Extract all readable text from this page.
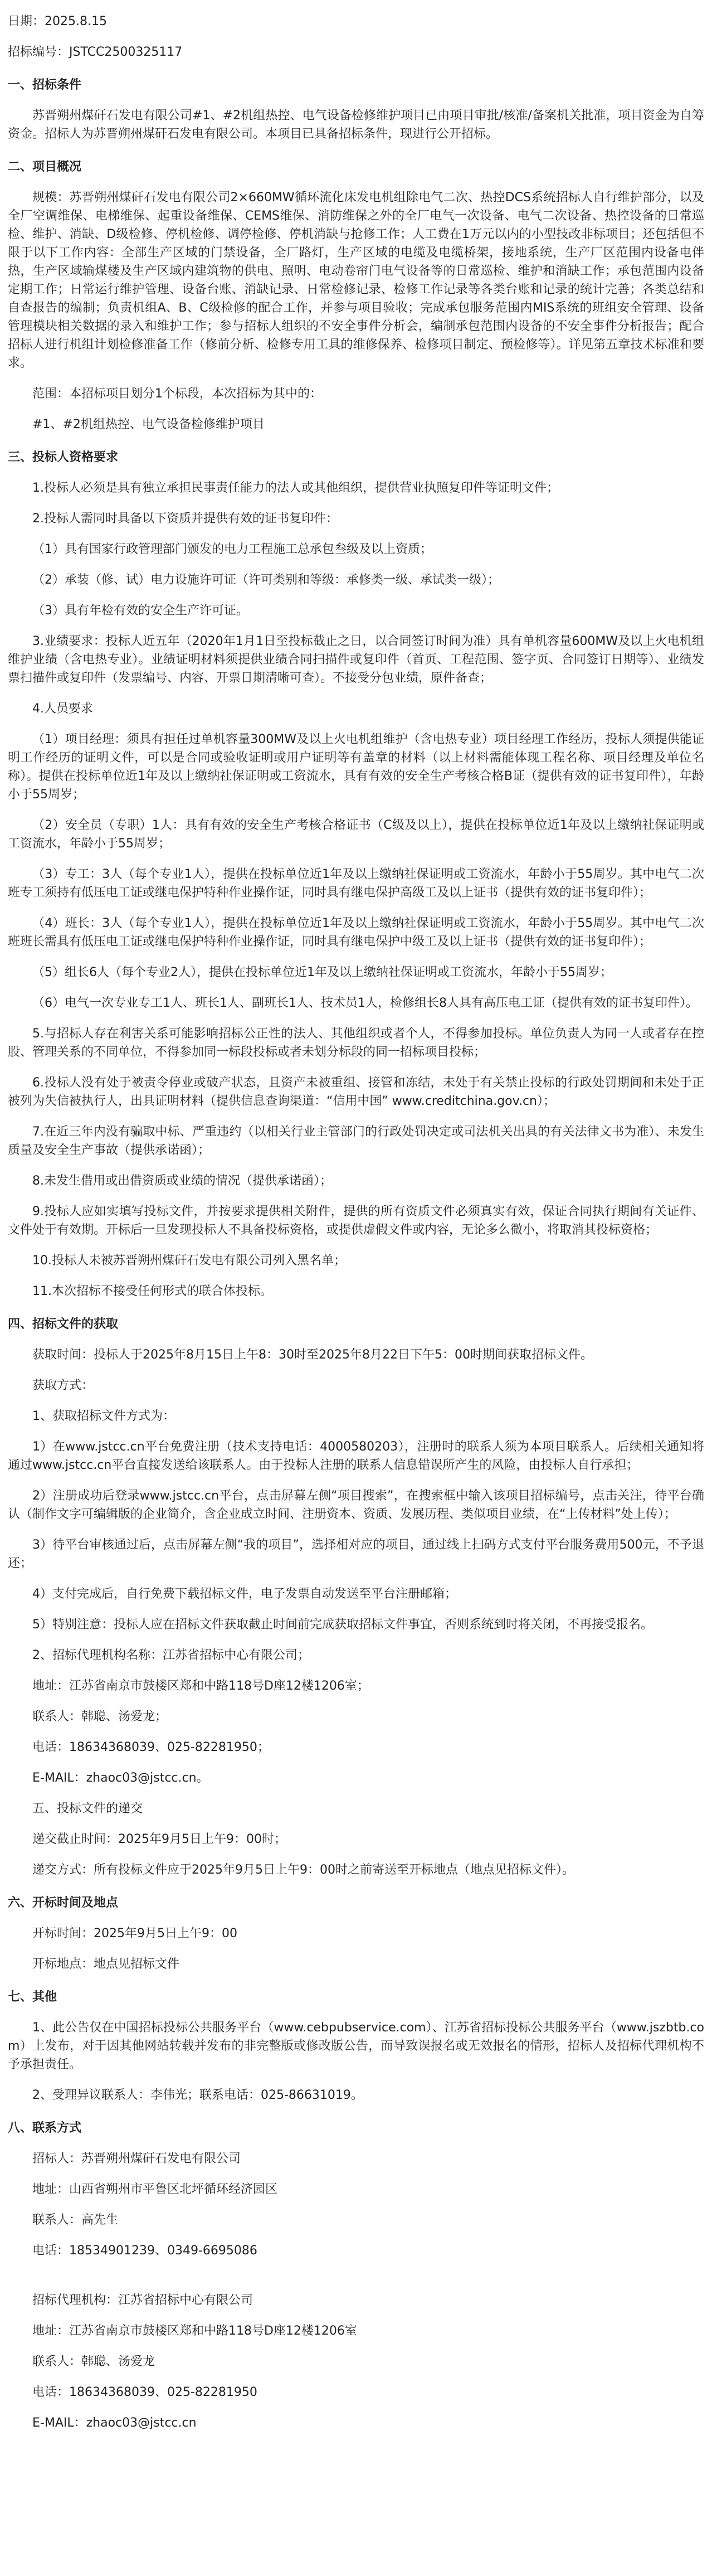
日期：2025.8.15
招标编号：JSTCC2500325117
一、招标条件
苏晋朔州煤矸石发电有限公司#1、#2机组热控、电气设备检修维护项目已由项目审批/核准/备案机关批准，项目资金为自筹资金。招标人为苏晋朔州煤矸石发电有限公司。本项目已具备招标条件，现进行公开招标。
二、项目概况
规模：苏晋朔州煤矸石发电有限公司2×660MW循环流化床发电机组除电气二次、热控DCS系统招标人自行维护部分，以及全厂空调维保、电梯维保、起重设备维保、CEMS维保、消防维保之外的全厂电气一次设备、电气二次设备、热控设备的日常巡检、维护、消缺、D级检修、停机检修、调停检修、停机消缺与抢修工作；人工费在1万元以内的小型技改非标项目；还包括但不限于以下工作内容：全部生产区域的门禁设备，全厂路灯，生产区域的电缆及电缆桥架，接地系统，生产厂区范围内设备电伴热，生产区域输煤楼及生产区域内建筑物的供电、照明、电动卷帘门电气设备等的日常巡检、维护和消缺工作；承包范围内设备定期工作；日常运行维护管理、设备台账、消缺记录、日常检修记录、检修工作记录等各类台账和记录的统计完善；各类总结和自查报告的编制；负责机组A、B、C级检修的配合工作，并参与项目验收；完成承包服务范围内MIS系统的班组安全管理、设备管理模块相关数据的录入和维护工作；参与招标人组织的不安全事件分析会，编制承包范围内设备的不安全事件分析报告；配合招标人进行机组计划检修准备工作（修前分析、检修专用工具的维修保养、检修项目制定、预检修等）。详见第五章技术标准和要求。
范围：本招标项目划分1个标段，本次招标为其中的：
#1、#2机组热控、电气设备检修维护项目
三、投标人资格要求
1.投标人必须是具有独立承担民事责任能力的法人或其他组织，提供营业执照复印件等证明文件；
2.投标人需同时具备以下资质并提供有效的证书复印件：
（1）具有国家行政管理部门颁发的电力工程施工总承包叁级及以上资质；
（2）承装（修、试）电力设施许可证（许可类别和等级：承修类一级、承试类一级）；
（3）具有年检有效的安全生产许可证。
3.业绩要求：投标人近五年（2020年1月1日至投标截止之日，以合同签订时间为准）具有单机容量600MW及以上火电机组维护业绩（含电热专业）。业绩证明材料须提供业绩合同扫描件或复印件（首页、工程范围、签字页、合同签订日期等）、业绩发票扫描件或复印件（发票编号、内容、开票日期清晰可查）。不接受分包业绩，原件备查；
4.人员要求
（1）项目经理：须具有担任过单机容量300MW及以上火电机组维护（含电热专业）项目经理工作经历，投标人须提供能证明工作经历的证明文件，可以是合同或验收证明或用户证明等有盖章的材料（以上材料需能体现工程名称、项目经理及单位名称）。提供在投标单位近1年及以上缴纳社保证明或工资流水，具有有效的安全生产考核合格B证（提供有效的证书复印件），年龄小于55周岁；
（2）安全员（专职）1人：具有有效的安全生产考核合格证书（C级及以上），提供在投标单位近1年及以上缴纳社保证明或工资流水，年龄小于55周岁；
（3）专工：3人（每个专业1人），提供在投标单位近1年及以上缴纳社保证明或工资流水，年龄小于55周岁。其中电气二次班专工须持有低压电工证或继电保护特种作业操作证，同时具有继电保护高级工及以上证书（提供有效的证书复印件）；
（4）班长：3人（每个专业1人），提供在投标单位近1年及以上缴纳社保证明或工资流水，年龄小于55周岁。其中电气二次班班长需具有低压电工证或继电保护特种作业操作证，同时具有继电保护中级工及以上证书（提供有效的证书复印件）；
（5）组长6人（每个专业2人），提供在投标单位近1年及以上缴纳社保证明或工资流水，年龄小于55周岁；
（6）电气一次专业专工1人、班长1人、副班长1人、技术员1人，检修组长8人具有高压电工证（提供有效的证书复印件）。
5.与招标人存在利害关系可能影响招标公正性的法人、其他组织或者个人，不得参加投标。单位负责人为同一人或者存在控股、管理关系的不同单位，不得参加同一标段投标或者未划分标段的同一招标项目投标；
6.投标人没有处于被责令停业或破产状态，且资产未被重组、接管和冻结，未处于有关禁止投标的行政处罚期间和未处于正被列为失信被执行人，出具证明材料（提供信息查询渠道：“信用中国” www.creditchina.gov.cn）；
7.在近三年内没有骗取中标、严重违约（以相关行业主管部门的行政处罚决定或司法机关出具的有关法律文书为准）、未发生质量及安全生产事故（提供承诺函）；
8.未发生借用或出借资质或业绩的情况（提供承诺函）；
9.投标人应如实填写投标文件，并按要求提供相关附件，提供的所有资质文件必须真实有效，保证合同执行期间有关证件、文件处于有效期。开标后一旦发现投标人不具备投标资格，或提供虚假文件或内容，无论多么微小，将取消其投标资格；
10.投标人未被苏晋朔州煤矸石发电有限公司列入黑名单；
11.本次招标不接受任何形式的联合体投标。
四、招标文件的获取
获取时间：投标人于2025年8月15日上午8：30时至2025年8月22日下午5：00时期间获取招标文件。
获取方式：
1、获取招标文件方式为：
1）在www.jstcc.cn平台免费注册（技术支持电话：4000580203），注册时的联系人须为本项目联系人。后续相关通知将通过www.jstcc.cn平台直接发送给该联系人。由于投标人注册的联系人信息错误所产生的风险，由投标人自行承担；
2）注册成功后登录www.jstcc.cn平台，点击屏幕左侧“项目搜索”，在搜索框中输入该项目招标编号，点击关注，待平台确认（制作文字可编辑版的企业简介，含企业成立时间、注册资本、资质、发展历程、类似项目业绩，在“上传材料”处上传）；
3）待平台审核通过后，点击屏幕左侧“我的项目”，选择相对应的项目，通过线上扫码方式支付平台服务费用500元，不予退还；
4）支付完成后，自行免费下载招标文件，电子发票自动发送至平台注册邮箱；
5）特别注意：投标人应在招标文件获取截止时间前完成获取招标文件事宜，否则系统到时将关闭，不再接受报名。
2、招标代理机构名称：江苏省招标中心有限公司；
地址：江苏省南京市鼓楼区郑和中路118号D座12楼1206室；
联系人：韩聪、汤爱龙；
电话：18634368039、025-82281950；
E-MAIL：zhaoc03@jstcc.cn。
五、投标文件的递交
递交截止时间：2025年9月5日上午9：00时；
递交方式：所有投标文件应于2025年9月5日上午9：00时之前寄送至开标地点（地点见招标文件）。
六、开标时间及地点
开标时间：2025年9月5日上午9：00
开标地点：地点见招标文件
七、其他
1、此公告仅在中国招标投标公共服务平台（www.cebpubservice.com）、江苏省招标投标公共服务平台（www.jszbtb.com）上发布，对于因其他网站转载并发布的非完整版或修改版公告，而导致误报名或无效报名的情形，招标人及招标代理机构不予承担责任。
2、受理异议联系人：李伟光；联系电话：025-86631019。
八、联系方式
招标人：苏晋朔州煤矸石发电有限公司
地址：山西省朔州市平鲁区北坪循环经济园区
联系人：高先生
电话：18534901239、0349-6695086
招标代理机构：江苏省招标中心有限公司
地址：江苏省南京市鼓楼区郑和中路118号D座12楼1206室
联系人：韩聪、汤爱龙
电话：18634368039、025-82281950
E-MAIL：zhaoc03@jstcc.cn
